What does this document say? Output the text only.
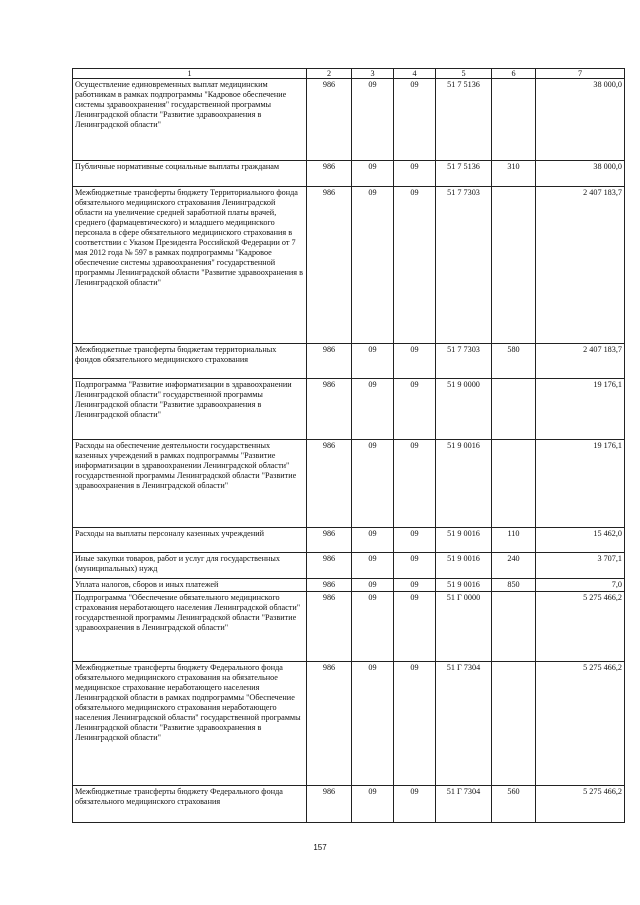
1	2	3	4	5	6	7
Осуществление единовременных выплат медицинским работникам в рамках подпрограммы "Кадровое обеспечение системы здравоохранения" государственной программы Ленинградской области "Развитие здравоохранения в Ленинградской области"	986	09	09	51 7 5136		38 000,0
Публичные нормативные социальные выплаты гражданам	986	09	09	51 7 5136	310	38 000,0
Межбюджетные трансферты бюджету Территориального фонда обязательного медицинского страхования Ленинградской области на увеличение средней заработной платы врачей, среднего (фармацевтического) и младшего медицинского персонала в сфере обязательного медицинского страхования в соответствии с Указом Президента Российской Федерации от 7 мая 2012 года № 597 в рамках подпрограммы "Кадровое обеспечение системы здравоохранения" государственной программы Ленинградской области "Развитие здравоохранения в Ленинградской области"	986	09	09	51 7 7303		2 407 183,7
Межбюджетные трансферты бюджетам территориальных фондов обязательного медицинского страхования	986	09	09	51 7 7303	580	2 407 183,7
Подпрограмма "Развитие информатизации в здравоохранении Ленинградской области" государственной программы Ленинградской области "Развитие здравоохранения в Ленинградской области"	986	09	09	51 9 0000		19 176,1
Расходы на обеспечение деятельности государственных казенных учреждений в рамках подпрограммы "Развитие информатизации в здравоохранении Ленинградской области" государственной программы Ленинградской области "Развитие здравоохранения в Ленинградской области"	986	09	09	51 9 0016		19 176,1
Расходы на выплаты персоналу казенных учреждений	986	09	09	51 9 0016	110	15 462,0
Иные закупки товаров, работ и услуг для государственных (муниципальных) нужд	986	09	09	51 9 0016	240	3 707,1
Уплата налогов, сборов и иных платежей	986	09	09	51 9 0016	850	7,0
Подпрограмма "Обеспечение обязательного медицинского страхования неработающего населения Ленинградской области" государственной программы Ленинградской области "Развитие здравоохранения в Ленинградской области"	986	09	09	51 Г 0000		5 275 466,2
Межбюджетные трансферты бюджету Федерального фонда обязательного медицинского страхования на обязательное медицинское страхование неработающего населения Ленинградской области в рамках подпрограммы "Обеспечение обязательного медицинского страхования неработающего населения Ленинградской области" государственной программы Ленинградской области "Развитие здравоохранения в Ленинградской области"	986	09	09	51 Г 7304		5 275 466,2
Межбюджетные трансферты бюджету Федерального фонда обязательного медицинского страхования	986	09	09	51 Г 7304	560	5 275 466,2
157
